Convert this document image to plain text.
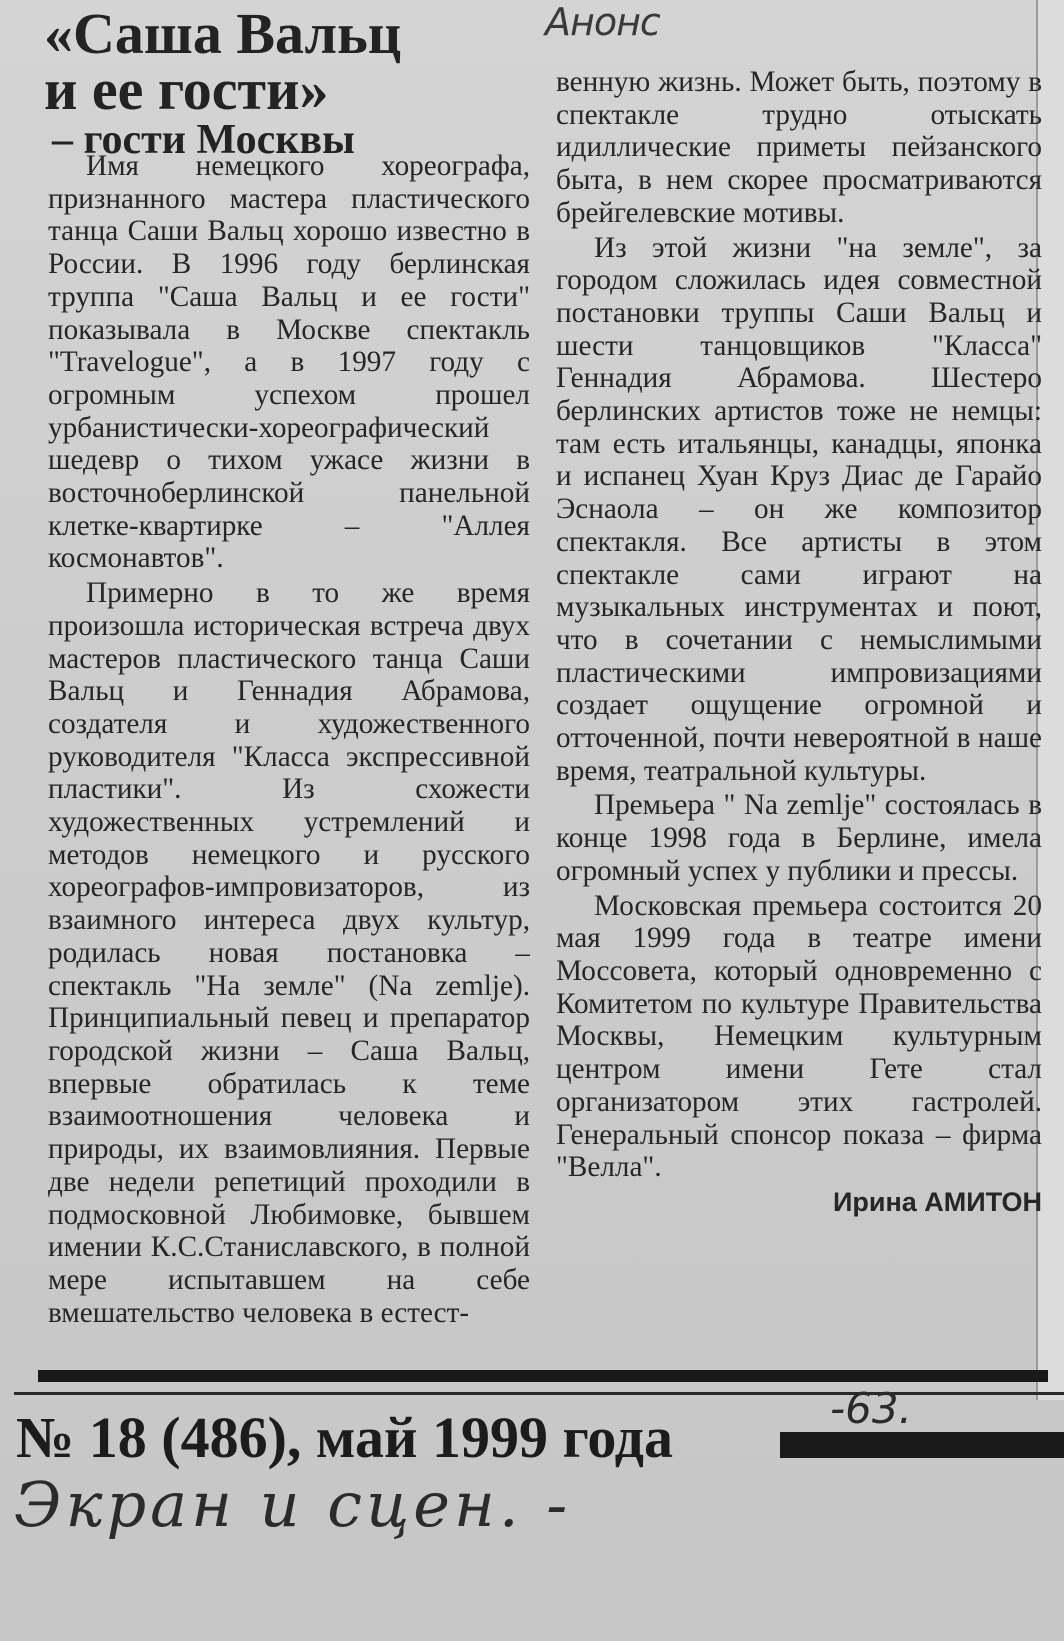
«Саша Вальц
и ее гости»
– гости Москвы
Анонс

Имя немецкого хореографа, признанного мастера пластического танца Саши Вальц хорошо известно в России. В 1996 году берлинская труппа "Саша Вальц и ее гости" показывала в Москве спектакль "Travelogue", а в 1997 году с огромным успехом прошел урбанистически-хореографический шедевр о тихом ужасе жизни в восточноберлинской панельной клетке-квартирке – "Аллея космонавтов".

Примерно в то же время произошла историческая встреча двух мастеров пластического танца Саши Вальц и Геннадия Абрамова, создателя и художественного руководителя "Класса экспрессивной пластики". Из схожести художественных устремлений и методов немецкого и русского хореографов-импровизаторов, из взаимного интереса двух культур, родилась новая постановка – спектакль "На земле" (Na zemlje). Принципиальный певец и препаратор городской жизни – Саша Вальц, впервые обратилась к теме взаимоотношения человека и природы, их взаимовлияния. Первые две недели репетиций проходили в подмосковной Любимовке, бывшем имении К.С.Станиславского, в полной мере испытавшем на себе вмешательство человека в естест-

венную жизнь. Может быть, поэтому в спектакле трудно отыскать идиллические приметы пейзанского быта, в нем скорее просматриваются брейгелевские мотивы.

Из этой жизни "на земле", за городом сложилась идея совместной постановки труппы Саши Вальц и шести танцовщиков "Класса" Геннадия Абрамова. Шестеро берлинских артистов тоже не немцы: там есть итальянцы, канадцы, японка и испанец Хуан Круз Диас де Гарайо Эснаола – он же композитор спектакля. Все артисты в этом спектакле сами играют на музыкальных инструментах и поют, что в сочетании с немыслимыми пластическими импровизациями создает ощущение огромной и отточенной, почти невероятной в наше время, театральной культуры.

Премьера " Na zemlje" состоялась в конце 1998 года в Берлине, имела огромный успех у публики и прессы.

Московская премьера состоится 20 мая 1999 года в театре имени Моссовета, который одновременно с Комитетом по культуре Правительства Москвы, Немецким культурным центром имени Гете стал организатором этих гастролей. Генеральный спонсор показа – фирма "Велла".

Ирина АМИТОН

№ 18 (486), май 1999 года	-63.
Экран и сцен. -
